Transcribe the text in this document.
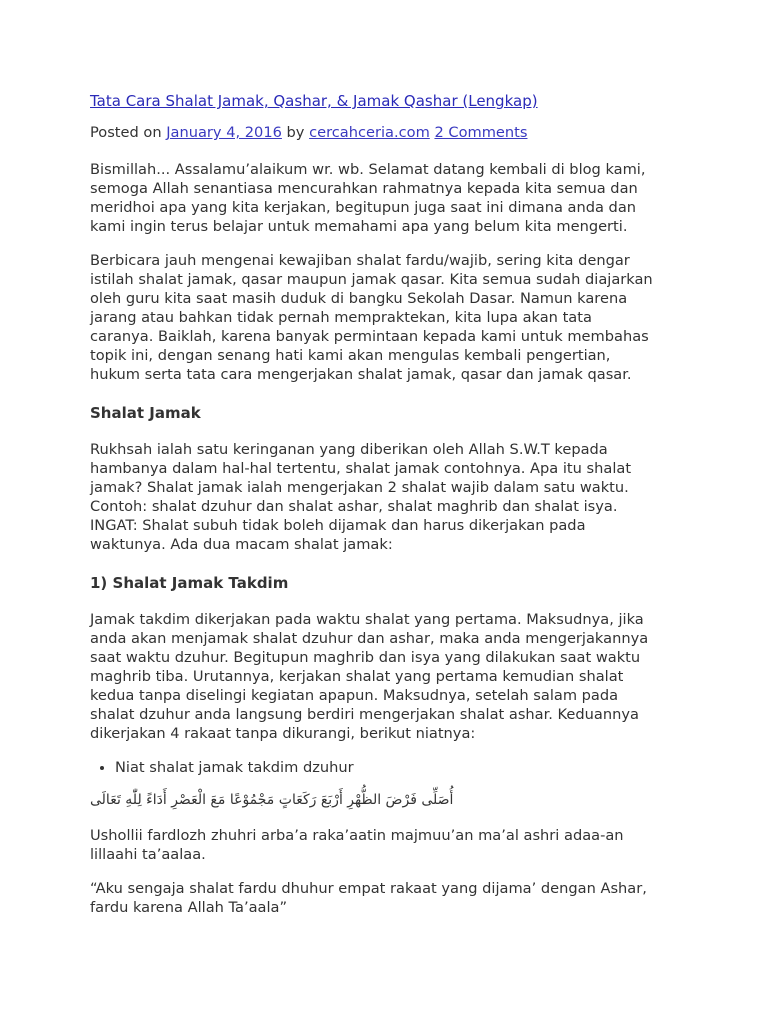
Tata Cara Shalat Jamak, Qashar, & Jamak Qashar (Lengkap)
Posted on January 4, 2016 by cercahceria.com 2 Comments
Bismillah... Assalamu’alaikum wr. wb. Selamat datang kembali di blog kami,
semoga Allah senantiasa mencurahkan rahmatnya kepada kita semua dan
meridhoi apa yang kita kerjakan, begitupun juga saat ini dimana anda dan
kami ingin terus belajar untuk memahami apa yang belum kita mengerti.
Berbicara jauh mengenai kewajiban shalat fardu/wajib, sering kita dengar
istilah shalat jamak, qasar maupun jamak qasar. Kita semua sudah diajarkan
oleh guru kita saat masih duduk di bangku Sekolah Dasar. Namun karena
jarang atau bahkan tidak pernah mempraktekan, kita lupa akan tata
caranya. Baiklah, karena banyak permintaan kepada kami untuk membahas
topik ini, dengan senang hati kami akan mengulas kembali pengertian,
hukum serta tata cara mengerjakan shalat jamak, qasar dan jamak qasar.
Shalat Jamak
Rukhsah ialah satu keringanan yang diberikan oleh Allah S.W.T kepada
hambanya dalam hal-hal tertentu, shalat jamak contohnya. Apa itu shalat
jamak? Shalat jamak ialah mengerjakan 2 shalat wajib dalam satu waktu.
Contoh: shalat dzuhur dan shalat ashar, shalat maghrib dan shalat isya.
INGAT: Shalat subuh tidak boleh dijamak dan harus dikerjakan pada
waktunya. Ada dua macam shalat jamak:
1) Shalat Jamak Takdim
Jamak takdim dikerjakan pada waktu shalat yang pertama. Maksudnya, jika
anda akan menjamak shalat dzuhur dan ashar, maka anda mengerjakannya
saat waktu dzuhur. Begitupun maghrib dan isya yang dilakukan saat waktu
maghrib tiba. Urutannya, kerjakan shalat yang pertama kemudian shalat
kedua tanpa diselingi kegiatan apapun. Maksudnya, setelah salam pada
shalat dzuhur anda langsung berdiri mengerjakan shalat ashar. Keduannya
dikerjakan 4 rakaat tanpa dikurangi, berikut niatnya:
• Niat shalat jamak takdim dzuhur
أُصَلِّى فَرْضَ الظُّهْرِ أَرْبَعَ رَكَعَاتٍ مَجْمُوْعًا مَعَ الْعَصْرِ أَدَاءً لِلّٰهِ تَعَالَى
Ushollii fardlozh zhuhri arba’a raka’aatin majmuu’an ma’al ashri adaa-an
lillaahi ta’aalaa.
“Aku sengaja shalat fardu dhuhur empat rakaat yang dijama’ dengan Ashar,
fardu karena Allah Ta’aala”
